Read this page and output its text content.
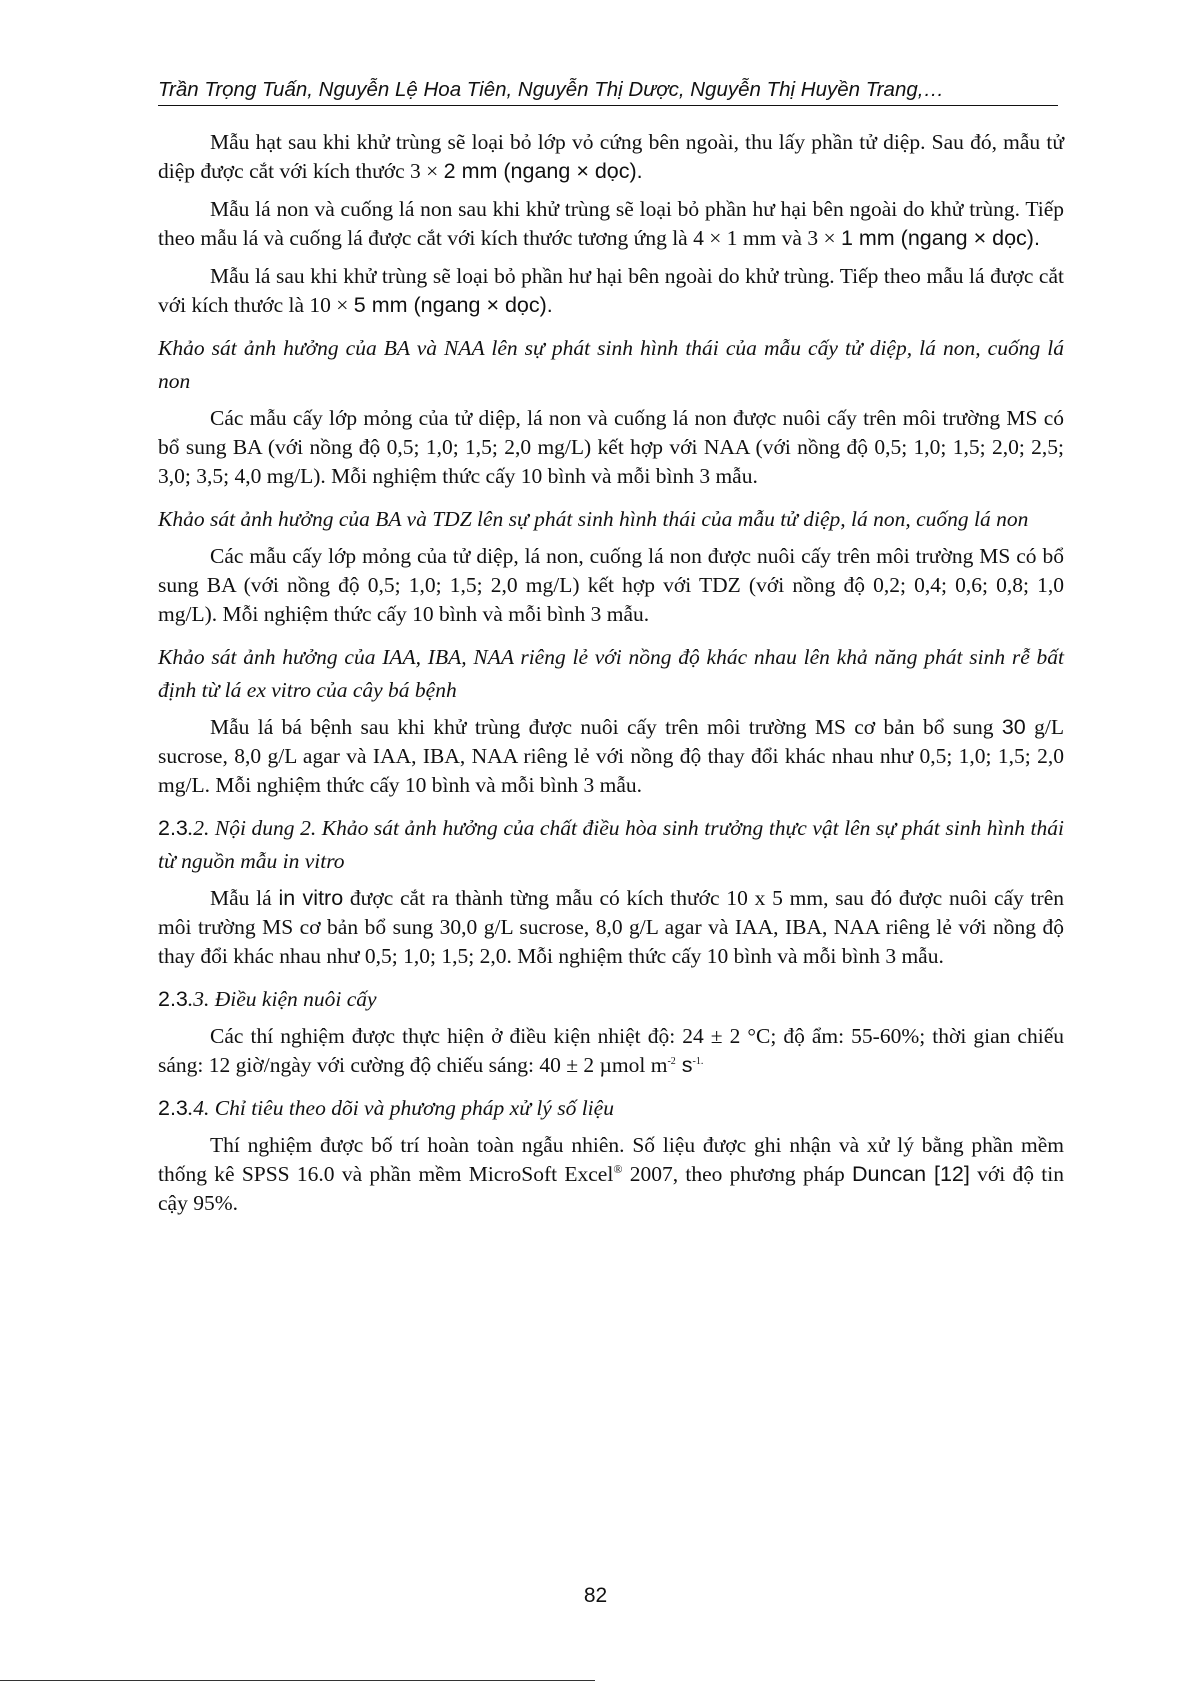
Trần Trọng Tuấn, Nguyễn Lệ Hoa Tiên, Nguyễn Thị Dược, Nguyễn Thị Huyền Trang,…

Mẫu hạt sau khi khử trùng sẽ loại bỏ lớp vỏ cứng bên ngoài, thu lấy phần tử diệp. Sau đó, mẫu tử diệp được cắt với kích thước 3 × 2 mm (ngang × dọc).

Mẫu lá non và cuống lá non sau khi khử trùng sẽ loại bỏ phần hư hại bên ngoài do khử trùng. Tiếp theo mẫu lá và cuống lá được cắt với kích thước tương ứng là 4 × 1 mm và 3 × 1 mm (ngang × dọc).

Mẫu lá sau khi khử trùng sẽ loại bỏ phần hư hại bên ngoài do khử trùng. Tiếp theo mẫu lá được cắt với kích thước là 10 × 5 mm (ngang × dọc).

Khảo sát ảnh hưởng của BA và NAA lên sự phát sinh hình thái của mẫu cấy tử diệp, lá non, cuống lá non

Các mẫu cấy lớp mỏng của tử diệp, lá non và cuống lá non được nuôi cấy trên môi trường MS có bổ sung BA (với nồng độ 0,5; 1,0; 1,5; 2,0 mg/L) kết hợp với NAA (với nồng độ 0,5; 1,0; 1,5; 2,0; 2,5; 3,0; 3,5; 4,0 mg/L). Mỗi nghiệm thức cấy 10 bình và mỗi bình 3 mẫu.

Khảo sát ảnh hưởng của BA và TDZ lên sự phát sinh hình thái của mẫu tử diệp, lá non, cuống lá non

Các mẫu cấy lớp mỏng của tử diệp, lá non, cuống lá non được nuôi cấy trên môi trường MS có bổ sung BA (với nồng độ 0,5; 1,0; 1,5; 2,0 mg/L) kết hợp với TDZ (với nồng độ 0,2; 0,4; 0,6; 0,8; 1,0 mg/L). Mỗi nghiệm thức cấy 10 bình và mỗi bình 3 mẫu.

Khảo sát ảnh hưởng của IAA, IBA, NAA riêng lẻ với nồng độ khác nhau lên khả năng phát sinh rễ bất định từ lá ex vitro của cây bá bệnh

Mẫu lá bá bệnh sau khi khử trùng được nuôi cấy trên môi trường MS cơ bản bổ sung 30 g/L sucrose, 8,0 g/L agar và IAA, IBA, NAA riêng lẻ với nồng độ thay đổi khác nhau như 0,5; 1,0; 1,5; 2,0 mg/L. Mỗi nghiệm thức cấy 10 bình và mỗi bình 3 mẫu.

2.3.2. Nội dung 2. Khảo sát ảnh hưởng của chất điều hòa sinh trưởng thực vật lên sự phát sinh hình thái từ nguồn mẫu in vitro

Mẫu lá in vitro được cắt ra thành từng mẫu có kích thước 10 x 5 mm, sau đó được nuôi cấy trên môi trường MS cơ bản bổ sung 30,0 g/L sucrose, 8,0 g/L agar và IAA, IBA, NAA riêng lẻ với nồng độ thay đổi khác nhau như 0,5; 1,0; 1,5; 2,0. Mỗi nghiệm thức cấy 10 bình và mỗi bình 3 mẫu.

2.3.3. Điều kiện nuôi cấy

Các thí nghiệm được thực hiện ở điều kiện nhiệt độ: 24 ± 2 °C; độ ẩm: 55-60%; thời gian chiếu sáng: 12 giờ/ngày với cường độ chiếu sáng: 40 ± 2 µmol $m^{-2}$ $s^{-1.}$

2.3.4. Chỉ tiêu theo dõi và phương pháp xử lý số liệu

Thí nghiệm được bố trí hoàn toàn ngẫu nhiên. Số liệu được ghi nhận và xử lý bằng phần mềm thống kê SPSS 16.0 và phần mềm MicroSoft Excel® 2007, theo phương pháp Duncan [12] với độ tin cậy 95%.

82
